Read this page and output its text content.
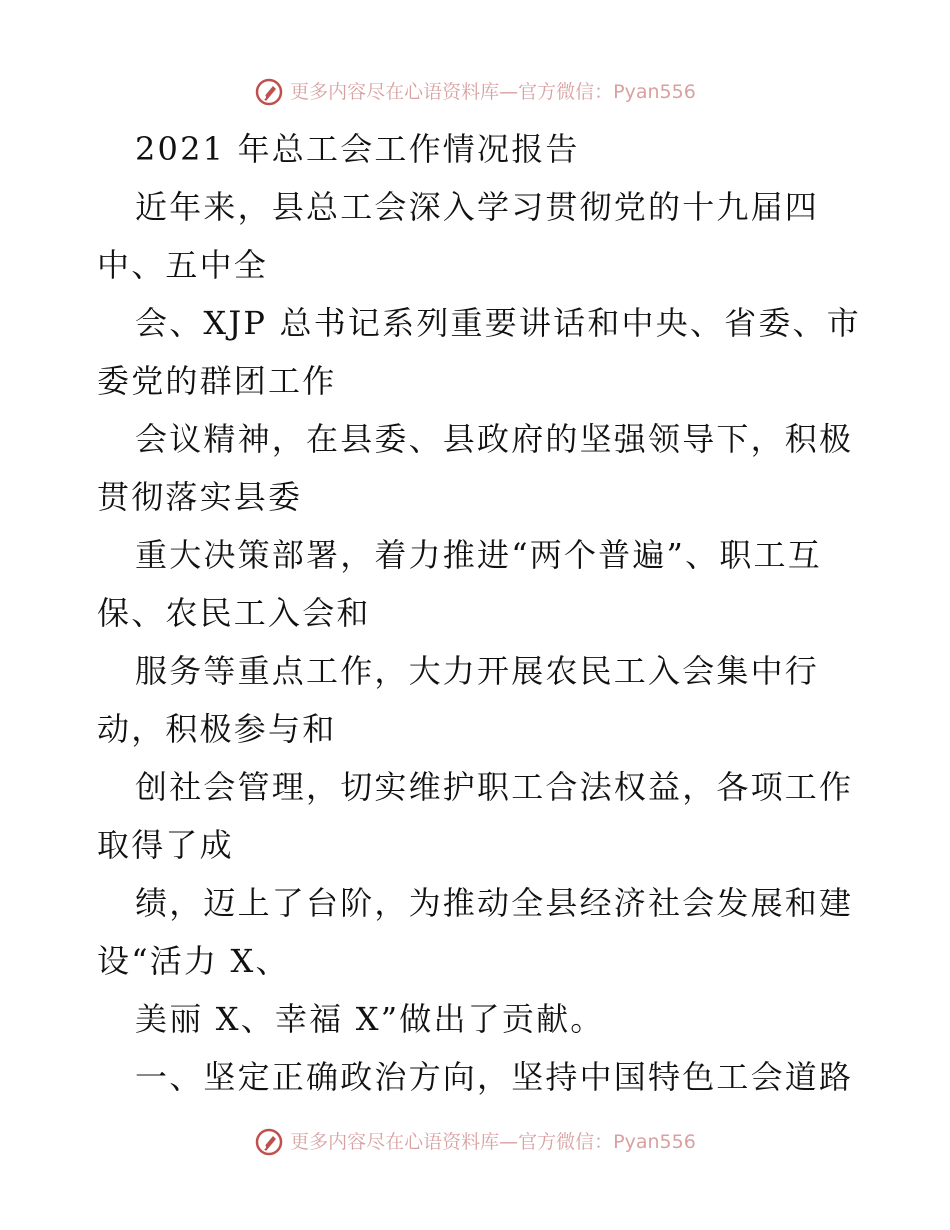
更多内容尽在心语资料库—官方微信：Pyan556
2021 年总工会工作情况报告
近年来，县总工会深入学习贯彻党的十九届四
中、五中全
会、XJP 总书记系列重要讲话和中央、省委、市
委党的群团工作
会议精神，在县委、县政府的坚强领导下，积极
贯彻落实县委
重大决策部署，着力推进“两个普遍”、职工互
保、农民工入会和
服务等重点工作，大力开展农民工入会集中行
动，积极参与和
创社会管理，切实维护职工合法权益，各项工作
取得了成
绩，迈上了台阶，为推动全县经济社会发展和建
设“活力 X、
美丽 X、幸福 X”做出了贡献。
一、坚定正确政治方向，坚持中国特色工会道路
更多内容尽在心语资料库—官方微信：Pyan556
